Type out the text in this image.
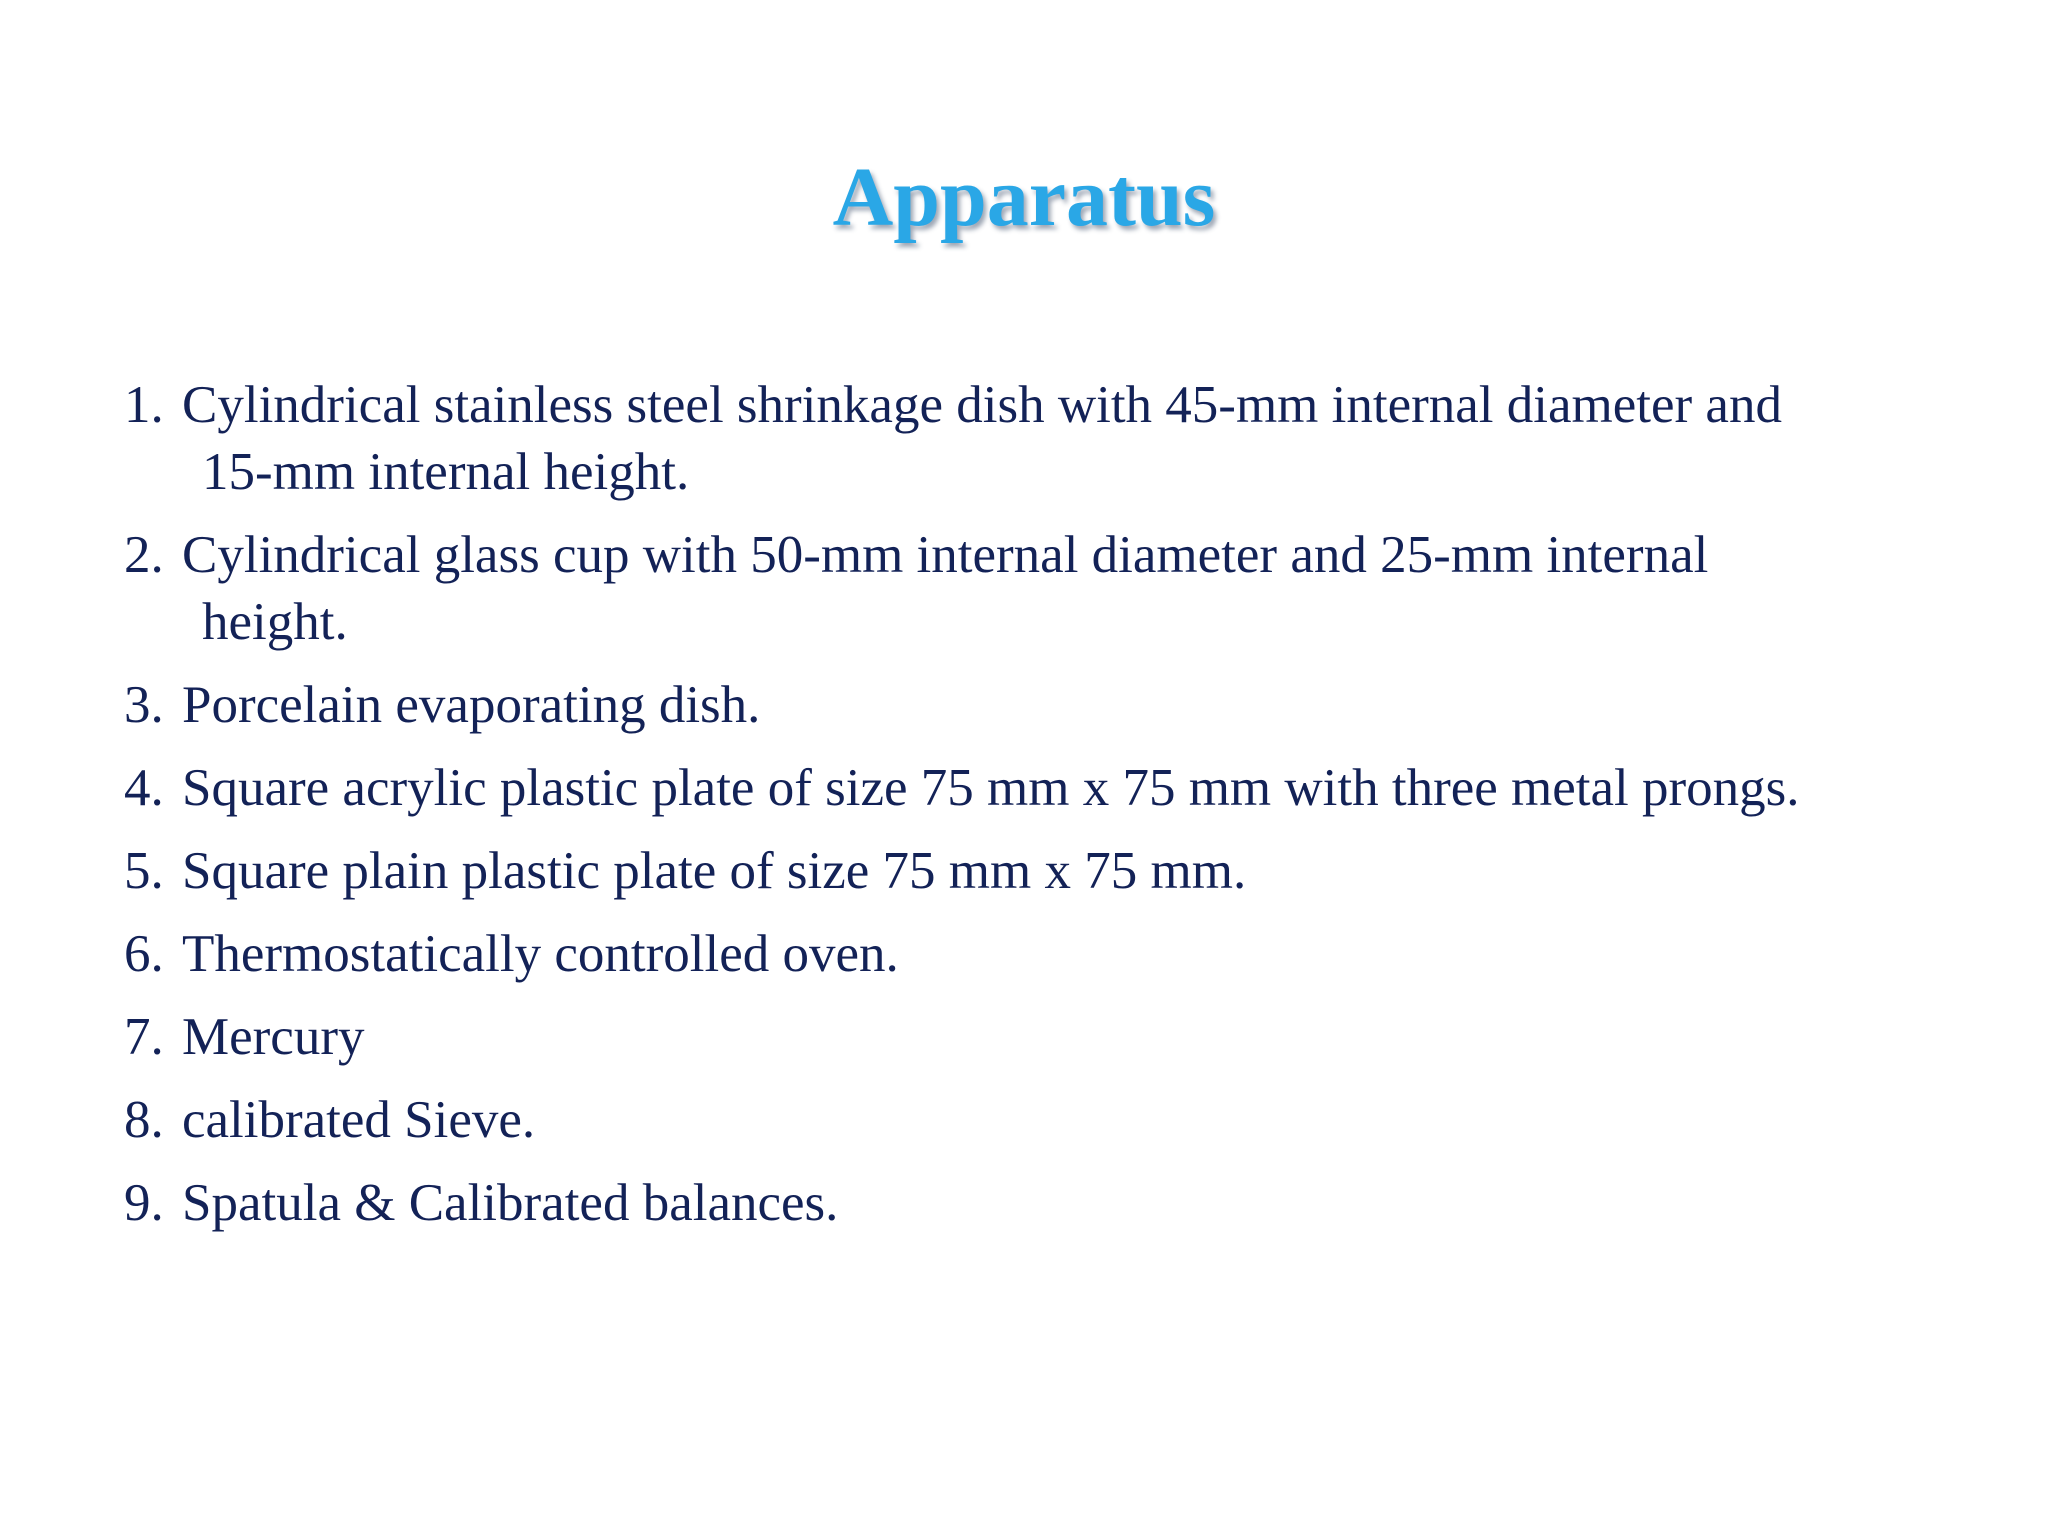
Apparatus
1. Cylindrical stainless steel shrinkage dish with 45-mm internal diameter and
15-mm internal height.
2. Cylindrical glass cup with 50-mm internal diameter and 25-mm internal
height.
3. Porcelain evaporating dish.
4. Square acrylic plastic plate of size 75 mm x 75 mm with three metal prongs.
5. Square plain plastic plate of size 75 mm x 75 mm.
6. Thermostatically controlled oven.
7. Mercury
8. calibrated Sieve.
9. Spatula & Calibrated balances.
